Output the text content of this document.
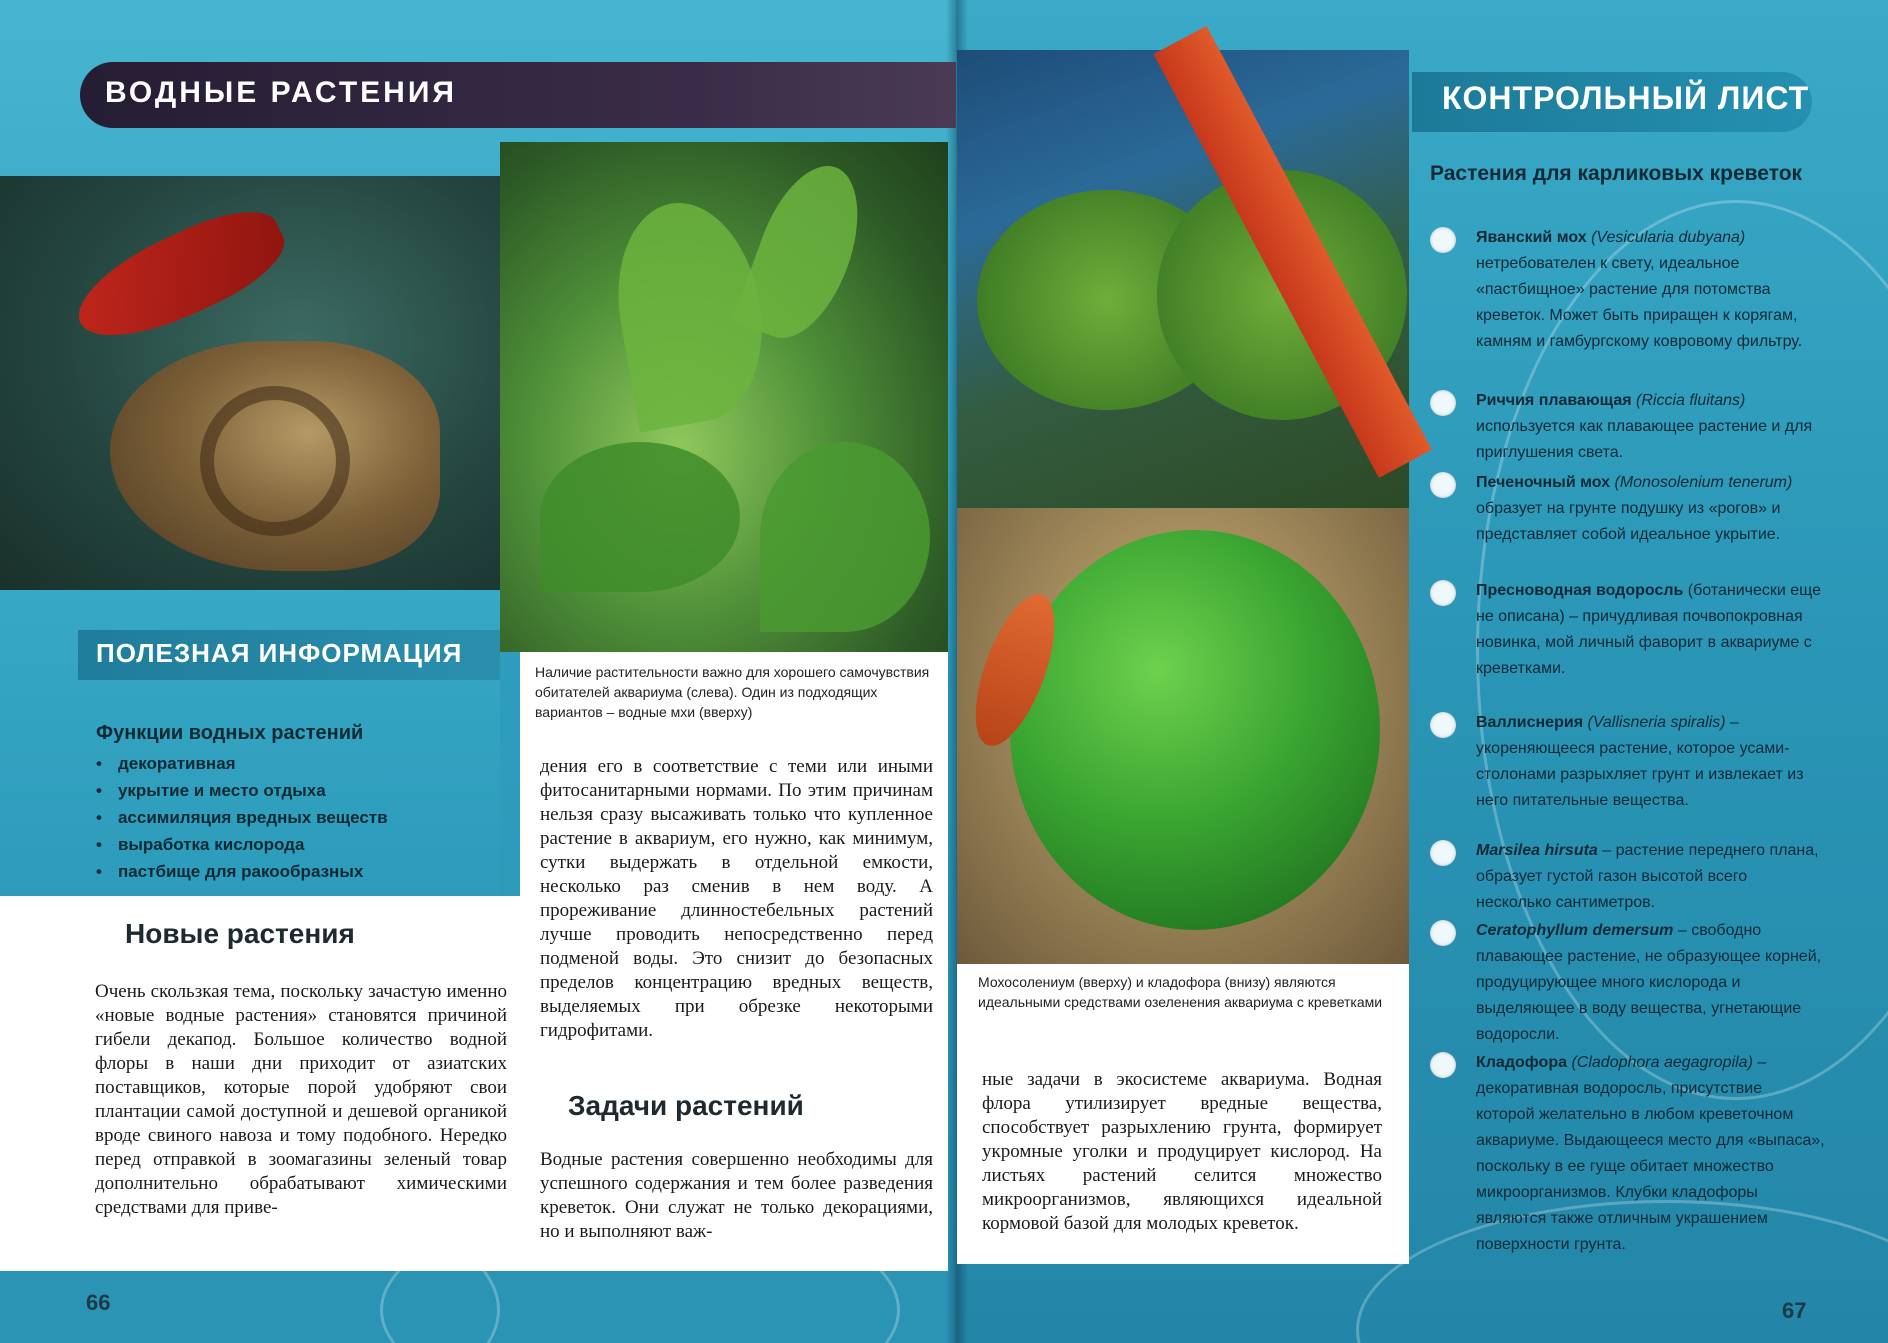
ВОДНЫЕ РАСТЕНИЯ
ПОЛЕЗНАЯ ИНФОРМАЦИЯ
Функции водных растений
• декоративная
• укрытие и место отдыха
• ассимиляция вредных веществ
• выработка кислорода
• пастбище для ракообразных
Наличие растительности важно для хорошего самочувствия обитателей аквариума (слева). Один из подходящих вариантов – водные мхи (вверху)
Новые растения
Очень скользкая тема, поскольку зачастую именно «новые водные растения» становятся причиной гибели декапод. Большое количество водной флоры в наши дни приходит от азиатских поставщиков, которые порой удобряют свои плантации самой доступной и дешевой органикой вроде свиного навоза и тому подобного. Нередко перед отправкой в зоомагазины зеленый товар дополнительно обрабатывают химическими средствами для приве-
дения его в соответствие с теми или иными фитосанитарными нормами. По этим причинам нельзя сразу высаживать только что купленное растение в аквариум, его нужно, как минимум, сутки выдержать в отдельной емкости, несколько раз сменив в нем воду. А прореживание длинностебельных растений лучше проводить непосредственно перед подменой воды. Это снизит до безопасных пределов концентрацию вредных веществ, выделяемых при обрезке некоторыми гидрофитами.
Задачи растений
Водные растения совершенно необходимы для успешного содержания и тем более разведения креветок. Они служат не только декорациями, но и выполняют важ-
66
Мохосолениум (вверху) и кладофора (внизу) являются идеальными средствами озеленения аквариума с креветками
ные задачи в экосистеме аквариума. Водная флора утилизирует вредные вещества, способствует разрыхлению грунта, формирует укромные уголки и продуцирует кислород. На листьях растений селится множество микроорганизмов, являющихся идеальной кормовой базой для молодых креветок.
КОНТРОЛЬНЫЙ ЛИСТ
Растения для карликовых креветок
Яванский мох (Vesicularia dubyana) нетребователен к свету, идеальное «пастбищное» растение для потомства креветок. Может быть приращен к корягам, камням и гамбургскому ковровому фильтру.
Риччия плавающая (Riccia fluitans) используется как плавающее растение и для приглушения света.
Печеночный мох (Monosolenium tenerum) образует на грунте подушку из «рогов» и представляет собой идеальное укрытие.
Пресноводная водоросль (ботанически еще не описана) – причудливая почвопокровная новинка, мой личный фаворит в аквариуме с креветками.
Валлиснерия (Vallisneria spiralis) – укореняющееся растение, которое усами-столонами разрыхляет грунт и извлекает из него питательные вещества.
Marsilea hirsuta – растение переднего плана, образует густой газон высотой всего несколько сантиметров.
Ceratophyllum demersum – свободно плавающее растение, не образующее корней, продуцирующее много кислорода и выделяющее в воду вещества, угнетающие водоросли.
Кладофора (Cladophora aegagropila) – декоративная водоросль, присутствие которой желательно в любом креветочном аквариуме. Выдающееся место для «выпаса», поскольку в ее гуще обитает множество микроорганизмов. Клубки кладофоры являются также отличным украшением поверхности грунта.
67
